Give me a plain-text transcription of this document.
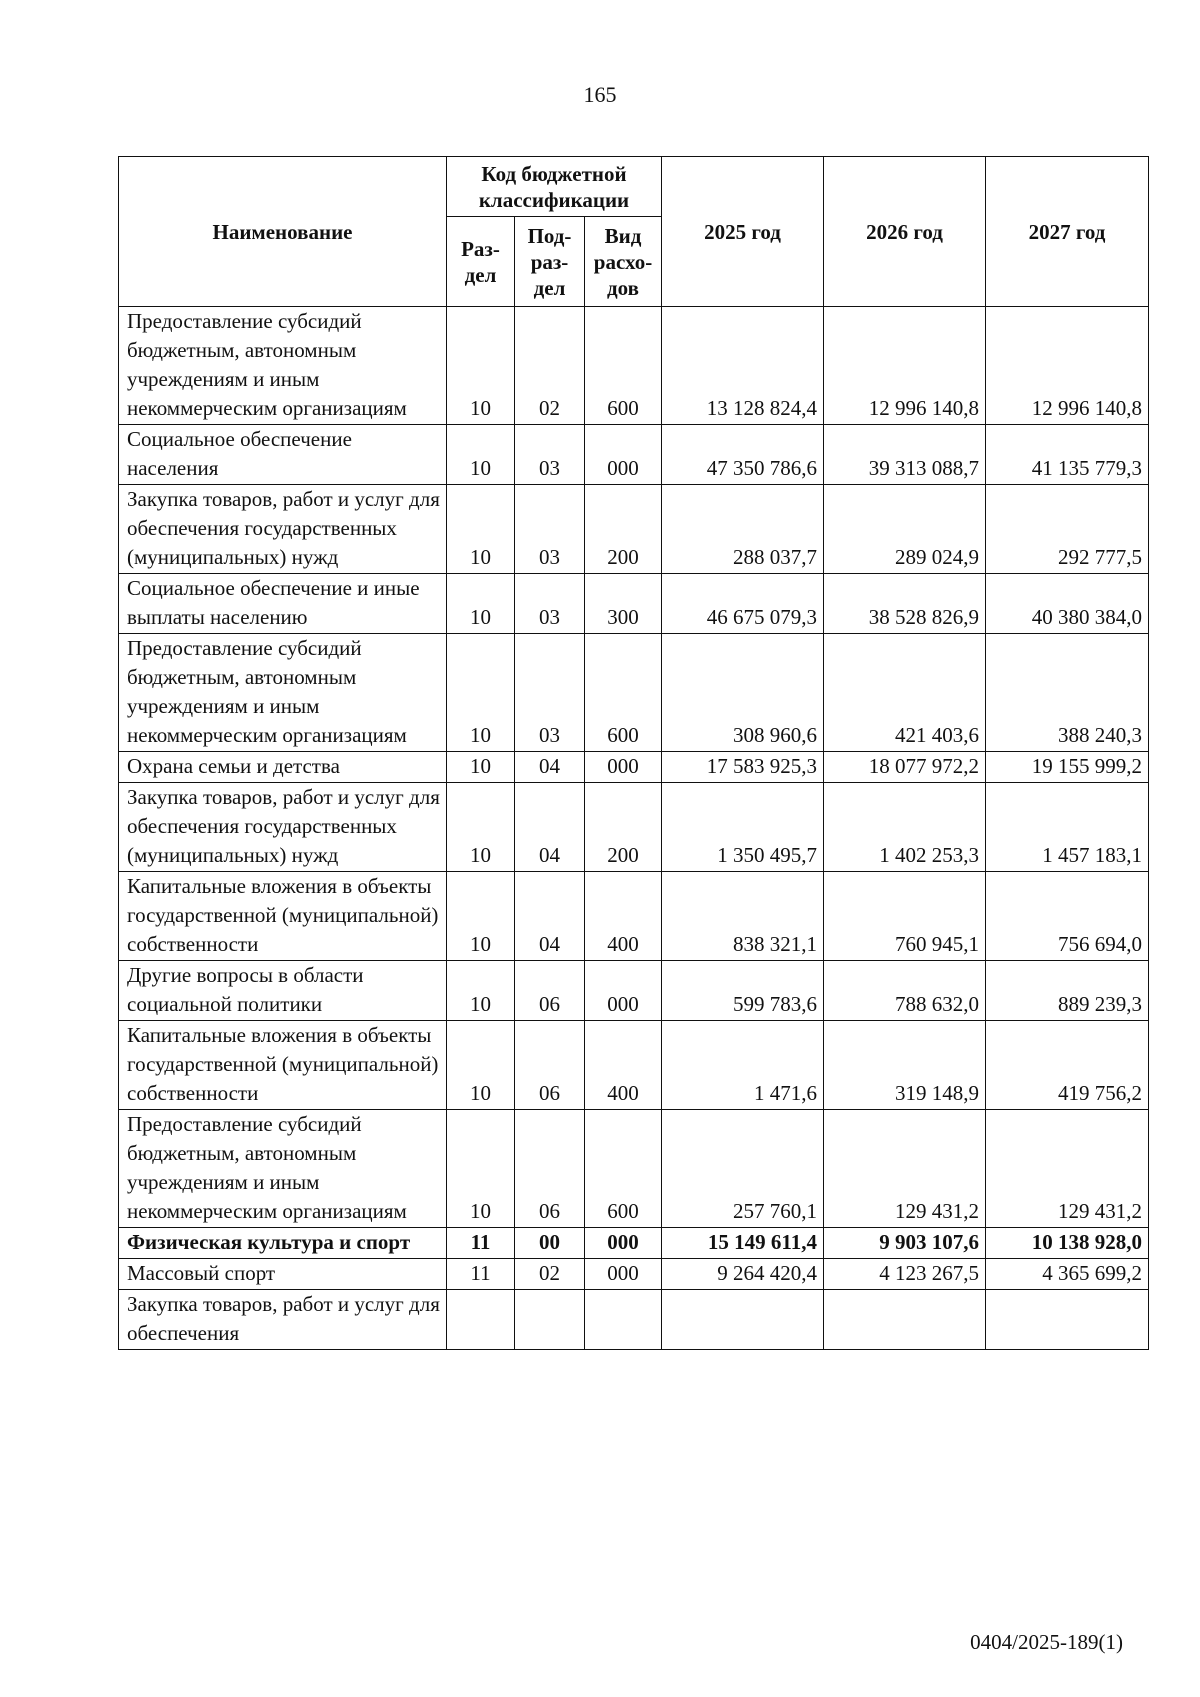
165
Наименование	Код бюджетной классификации			2025 год	2026 год	2027 год
	Раз-дел	Под-раз-дел	Вид расхо-дов			
Предоставление субсидий бюджетным, автономным учреждениям и иным некоммерческим организациям	10	02	600	13 128 824,4	12 996 140,8	12 996 140,8
Социальное обеспечение населения	10	03	000	47 350 786,6	39 313 088,7	41 135 779,3
Закупка товаров, работ и услуг для обеспечения государственных (муниципальных) нужд	10	03	200	288 037,7	289 024,9	292 777,5
Социальное обеспечение и иные выплаты населению	10	03	300	46 675 079,3	38 528 826,9	40 380 384,0
Предоставление субсидий бюджетным, автономным учреждениям и иным некоммерческим организациям	10	03	600	308 960,6	421 403,6	388 240,3
Охрана семьи и детства	10	04	000	17 583 925,3	18 077 972,2	19 155 999,2
Закупка товаров, работ и услуг для обеспечения государственных (муниципальных) нужд	10	04	200	1 350 495,7	1 402 253,3	1 457 183,1
Капитальные вложения в объекты государственной (муниципальной) собственности	10	04	400	838 321,1	760 945,1	756 694,0
Другие вопросы в области социальной политики	10	06	000	599 783,6	788 632,0	889 239,3
Капитальные вложения в объекты государственной (муниципальной) собственности	10	06	400	1 471,6	319 148,9	419 756,2
Предоставление субсидий бюджетным, автономным учреждениям и иным некоммерческим организациям	10	06	600	257 760,1	129 431,2	129 431,2
Физическая культура и спорт	11	00	000	15 149 611,4	9 903 107,6	10 138 928,0
Массовый спорт	11	02	000	9 264 420,4	4 123 267,5	4 365 699,2
Закупка товаров, работ и услуг для обеспечения						
0404/2025-189(1)
